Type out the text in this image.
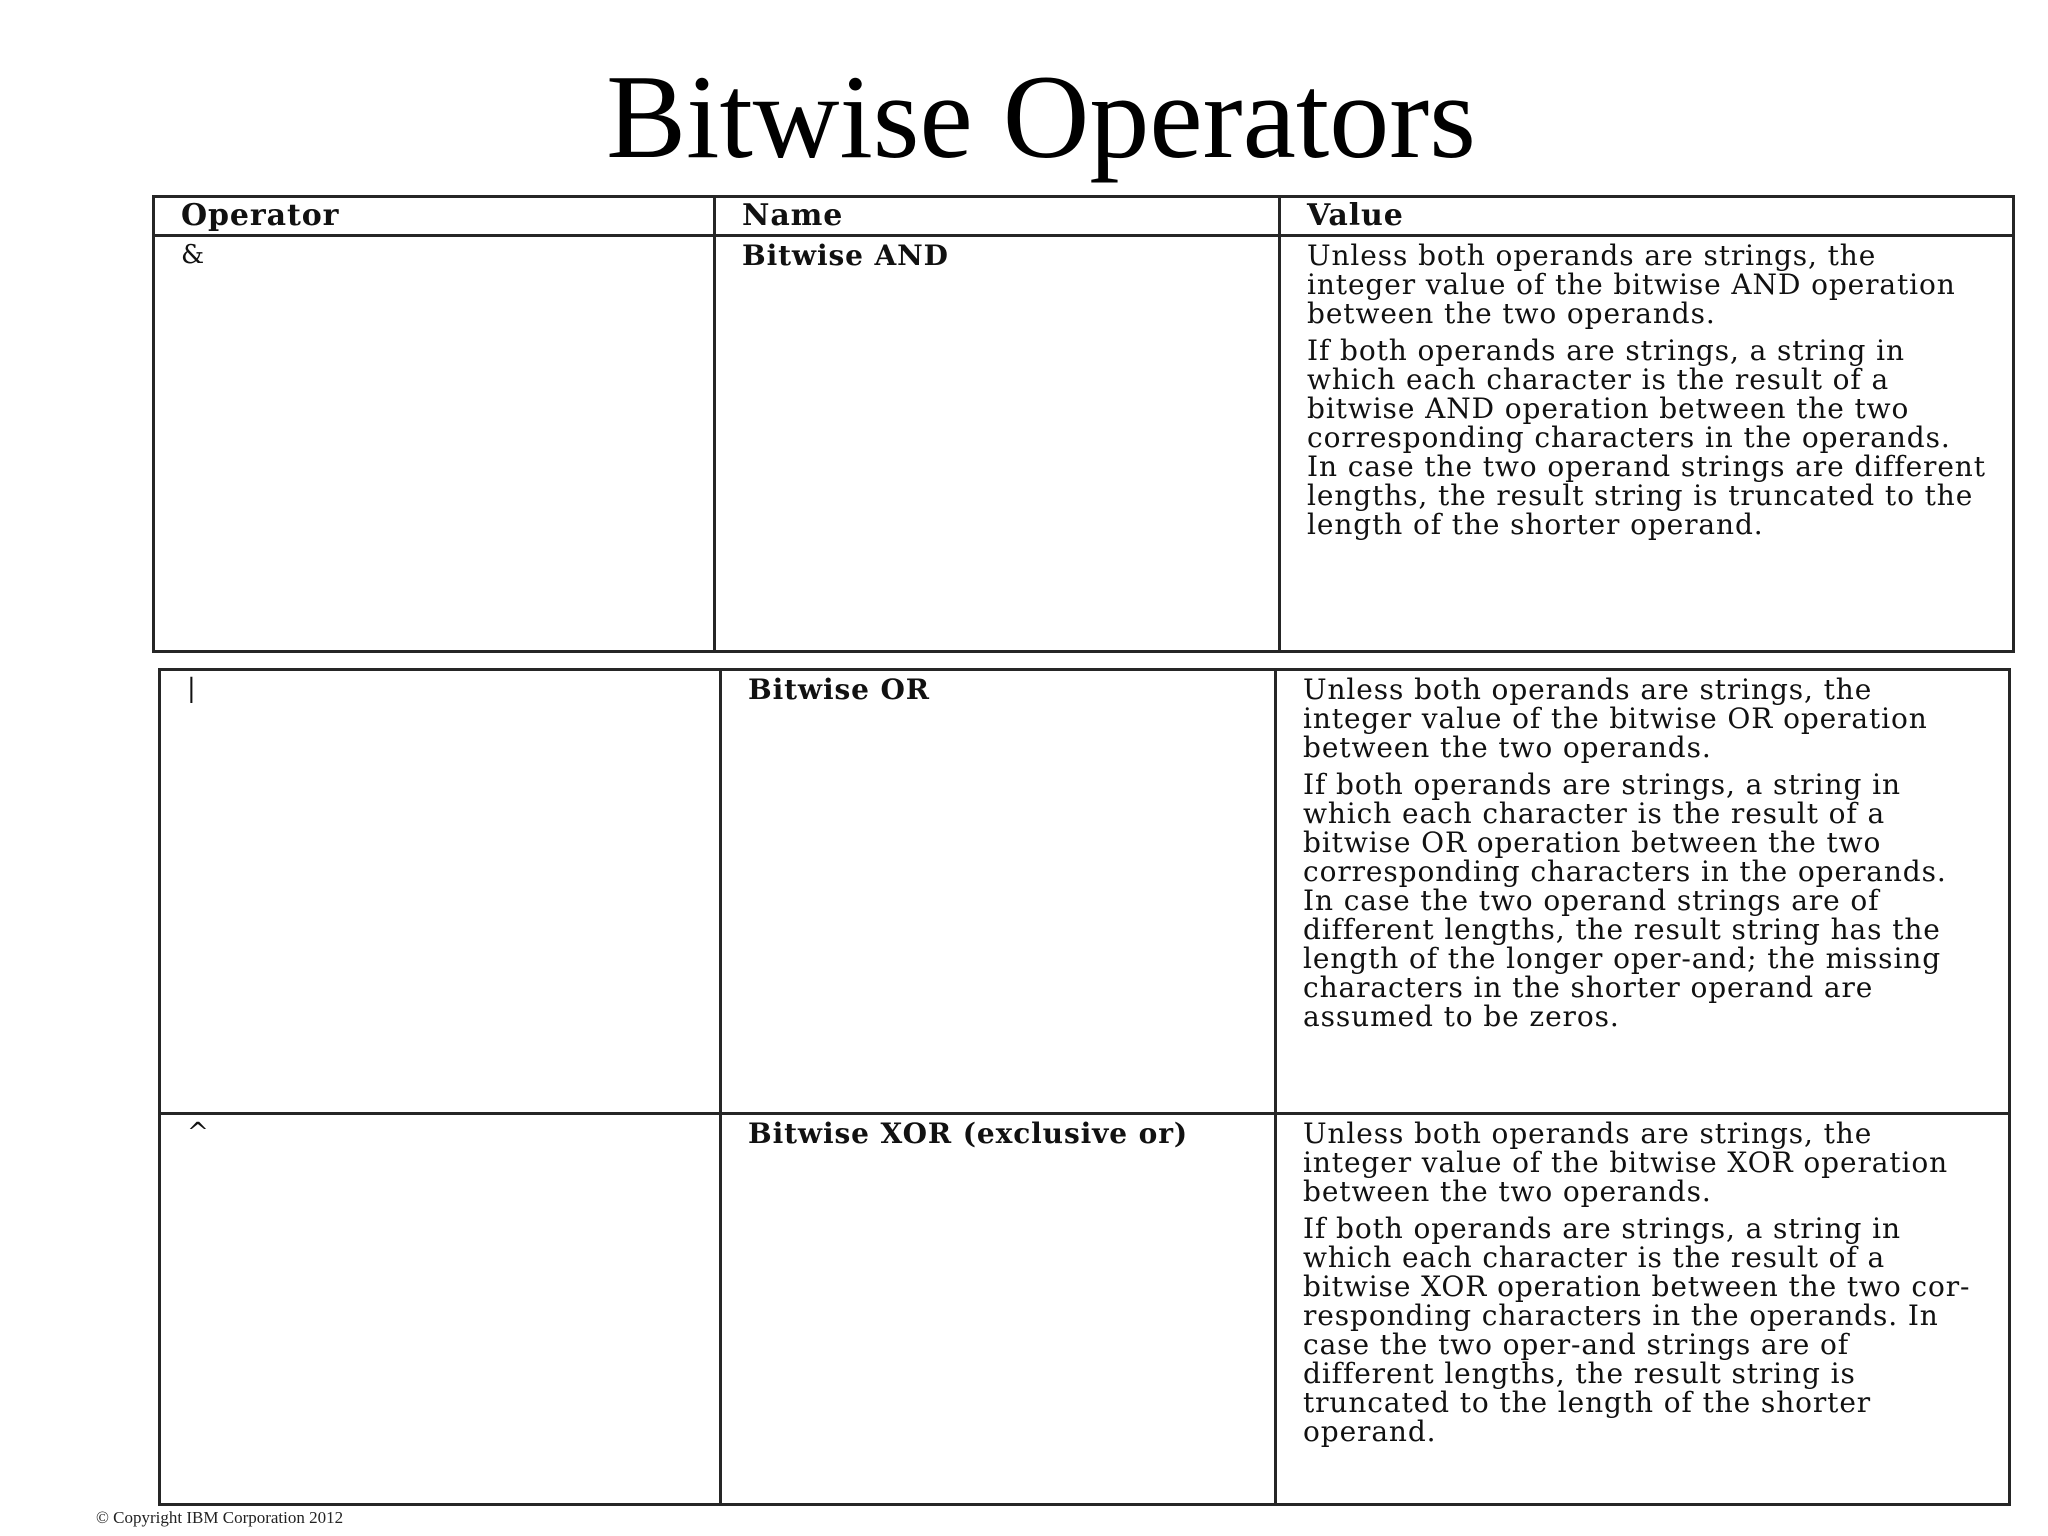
Bitwise Operators
Operator	Name	Value
&	Bitwise AND	Unless both operands are strings, the integer value of the bitwise AND operation between the two operands.

If both operands are strings, a string in which each character is the result of a bitwise AND operation between the two corresponding characters in the operands. In case the two operand strings are different lengths, the result string is truncated to the length of the shorter operand.

|	Bitwise OR	Unless both operands are strings, the integer value of the bitwise OR operation between the two operands.

If both operands are strings, a string in which each character is the result of a bitwise OR operation between the two corresponding characters in the operands. In case the two operand strings are of different lengths, the result string has the length of the longer oper-and; the missing characters in the shorter operand are assumed to be zeros.

^	Bitwise XOR (exclusive or)	Unless both operands are strings, the integer value of the bitwise XOR operation between the two operands.

If both operands are strings, a string in which each character is the result of a bitwise XOR operation between the two cor-responding characters in the operands. In case the two oper-and strings are of different lengths, the result string is truncated to the length of the shorter operand.

© Copyright IBM Corporation 2012
